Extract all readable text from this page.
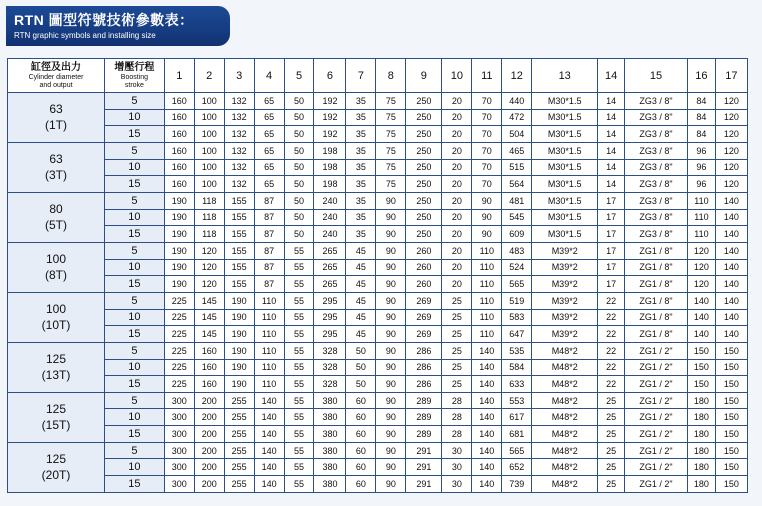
RTN 圖型符號技術參數表：
RTN graphic symbols and installing size
缸徑及出力
Cylinder diameter
and output	增壓行程
Boosting
stroke	1	2	3	4	5	6	7	8	9	10	11	12	13	14	15	16	17

63
(1T)	5	160	100	132	65	50	192	35	75	250	20	70	440	M30*1.5	14	ZG3 / 8"	84	120
	10	160	100	132	65	50	192	35	75	250	20	70	472	M30*1.5	14	ZG3 / 8"	84	120
	15	160	100	132	65	50	192	35	75	250	20	70	504	M30*1.5	14	ZG3 / 8"	84	120

63
(3T)	5	160	100	132	65	50	198	35	75	250	20	70	465	M30*1.5	14	ZG3 / 8"	96	120
	10	160	100	132	65	50	198	35	75	250	20	70	515	M30*1.5	14	ZG3 / 8"	96	120
	15	160	100	132	65	50	198	35	75	250	20	70	564	M30*1.5	14	ZG3 / 8"	96	120

80
(5T)	5	190	118	155	87	50	240	35	90	250	20	90	481	M30*1.5	17	ZG3 / 8"	110	140
	10	190	118	155	87	50	240	35	90	250	20	90	545	M30*1.5	17	ZG3 / 8"	110	140
	15	190	118	155	87	50	240	35	90	250	20	90	609	M30*1.5	17	ZG3 / 8"	110	140

100
(8T)	5	190	120	155	87	55	265	45	90	260	20	110	483	M39*2	17	ZG1 / 8"	120	140
	10	190	120	155	87	55	265	45	90	260	20	110	524	M39*2	17	ZG1 / 8"	120	140
	15	190	120	155	87	55	265	45	90	260	20	110	565	M39*2	17	ZG1 / 8"	120	140

100
(10T)	5	225	145	190	110	55	295	45	90	269	25	110	519	M39*2	22	ZG1 / 8"	140	140
	10	225	145	190	110	55	295	45	90	269	25	110	583	M39*2	22	ZG1 / 8"	140	140
	15	225	145	190	110	55	295	45	90	269	25	110	647	M39*2	22	ZG1 / 8"	140	140

125
(13T)	5	225	160	190	110	55	328	50	90	286	25	140	535	M48*2	22	ZG1 / 2"	150	150
	10	225	160	190	110	55	328	50	90	286	25	140	584	M48*2	22	ZG1 / 2"	150	150
	15	225	160	190	110	55	328	50	90	286	25	140	633	M48*2	22	ZG1 / 2"	150	150

125
(15T)	5	300	200	255	140	55	380	60	90	289	28	140	553	M48*2	25	ZG1 / 2"	180	150
	10	300	200	255	140	55	380	60	90	289	28	140	617	M48*2	25	ZG1 / 2"	180	150
	15	300	200	255	140	55	380	60	90	289	28	140	681	M48*2	25	ZG1 / 2"	180	150

125
(20T)	5	300	200	255	140	55	380	60	90	291	30	140	565	M48*2	25	ZG1 / 2"	180	150
	10	300	200	255	140	55	380	60	90	291	30	140	652	M48*2	25	ZG1 / 2"	180	150
	15	300	200	255	140	55	380	60	90	291	30	140	739	M48*2	25	ZG1 / 2"	180	150
